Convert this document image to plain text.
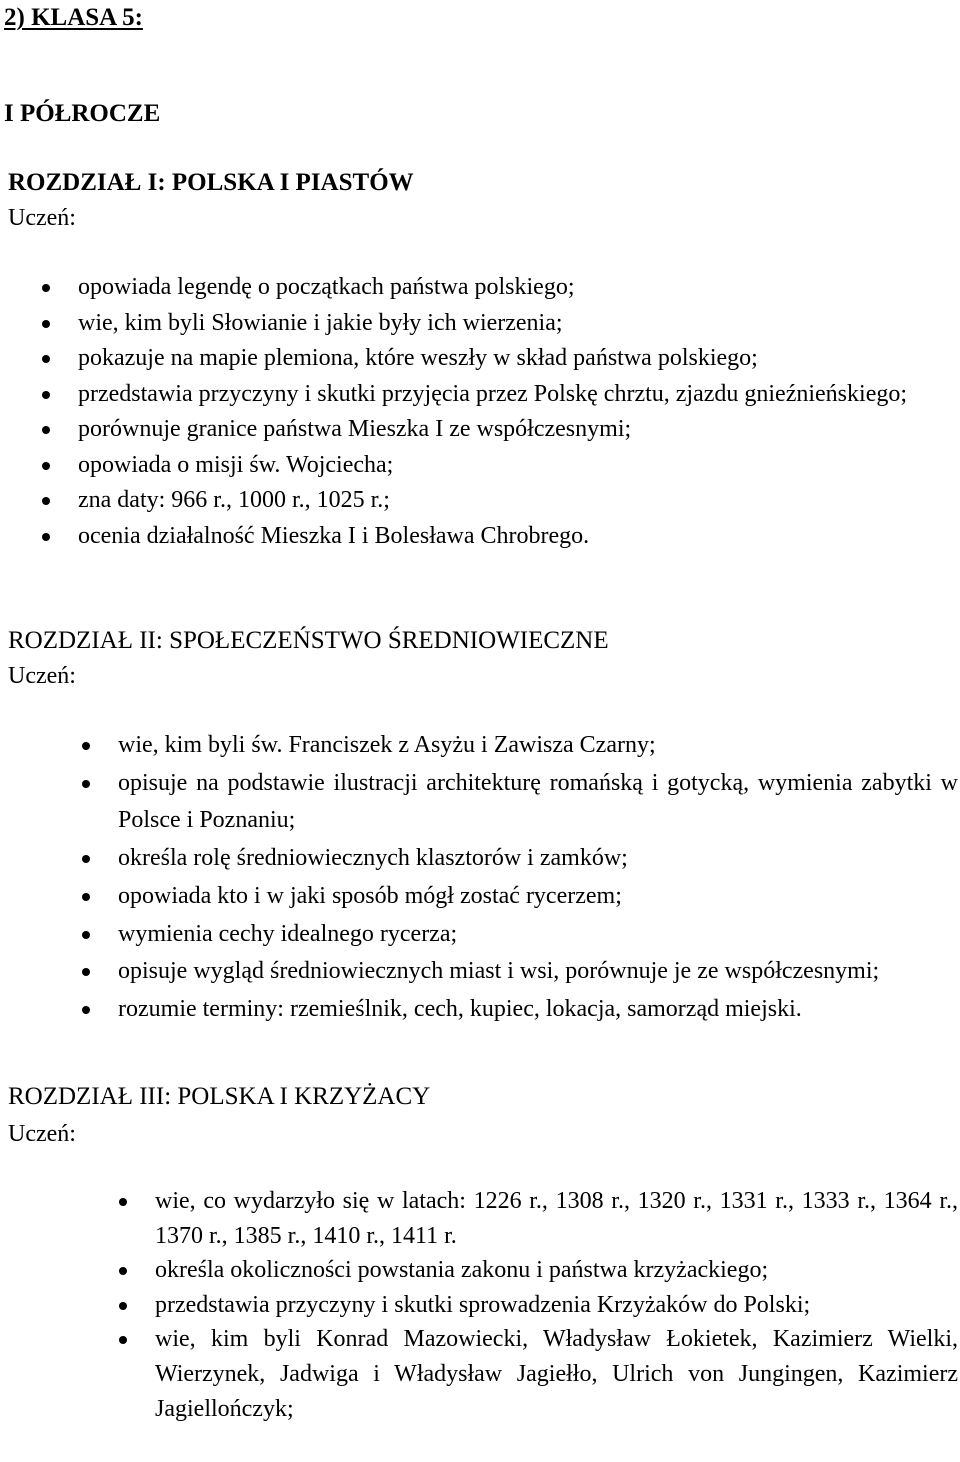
2) KLASA 5:
I PÓŁROCZE
ROZDZIAŁ I: POLSKA I PIASTÓW
Uczeń:
opowiada legendę o początkach państwa polskiego;
wie, kim byli Słowianie i jakie były ich wierzenia;
pokazuje na mapie plemiona, które weszły w skład państwa polskiego;
przedstawia przyczyny i skutki przyjęcia przez Polskę chrztu, zjazdu gnieźnieńskiego;
porównuje granice państwa Mieszka I ze współczesnymi;
opowiada o misji św. Wojciecha;
zna daty: 966 r., 1000 r., 1025 r.;
ocenia działalność Mieszka I i Bolesława Chrobrego.
ROZDZIAŁ II: SPOŁECZEŃSTWO ŚREDNIOWIECZNE
Uczeń:
wie, kim byli św. Franciszek z Asyżu i Zawisza Czarny;
opisuje na podstawie ilustracji architekturę romańską i gotycką, wymienia zabytki w Polsce i Poznaniu;
określa rolę średniowiecznych klasztorów i zamków;
opowiada kto i w jaki sposób mógł zostać rycerzem;
wymienia cechy idealnego rycerza;
opisuje wygląd średniowiecznych miast i wsi, porównuje je ze współczesnymi;
rozumie terminy: rzemieślnik, cech, kupiec, lokacja, samorząd miejski.
ROZDZIAŁ III: POLSKA I KRZYŻACY
Uczeń:
wie, co wydarzyło się w latach: 1226 r., 1308 r., 1320 r., 1331 r., 1333 r., 1364 r., 1370 r., 1385 r., 1410 r., 1411 r.
określa okoliczności powstania zakonu i państwa krzyżackiego;
przedstawia przyczyny i skutki sprowadzenia Krzyżaków do Polski;
wie, kim byli Konrad Mazowiecki, Władysław Łokietek, Kazimierz Wielki, Wierzynek, Jadwiga i Władysław Jagiełło, Ulrich von Jungingen, Kazimierz Jagiellończyk;
